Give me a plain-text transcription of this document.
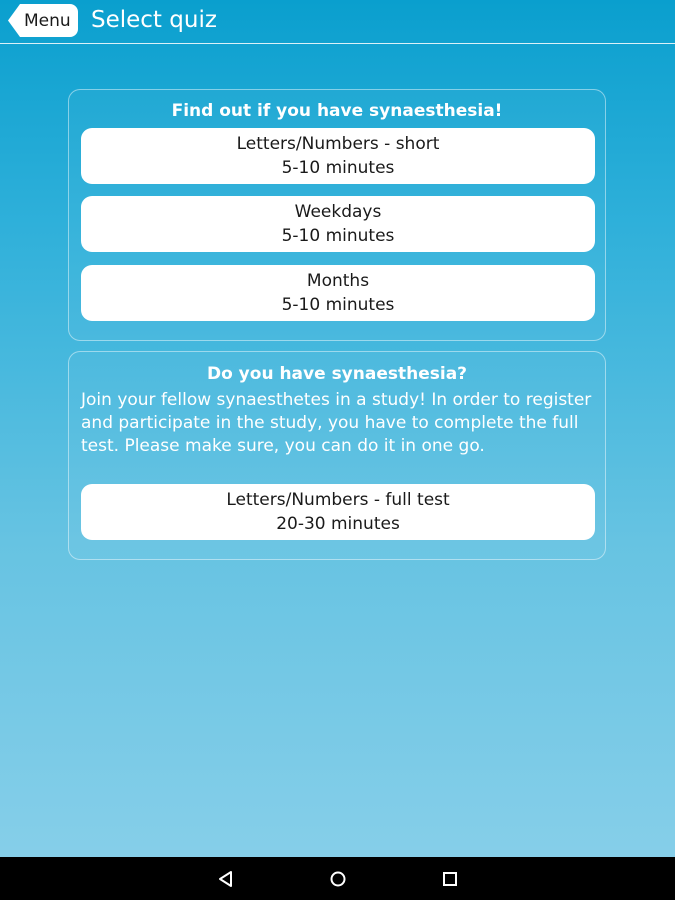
Menu Select quiz
Find out if you have synaesthesia!
Letters/Numbers - short
5-10 minutes
Weekdays
5-10 minutes
Months
5-10 minutes
Do you have synaesthesia?
Join your fellow synaesthetes in a study! In order to register and participate in the study, you have to complete the full test. Please make sure, you can do it in one go.
Letters/Numbers - full test
20-30 minutes
